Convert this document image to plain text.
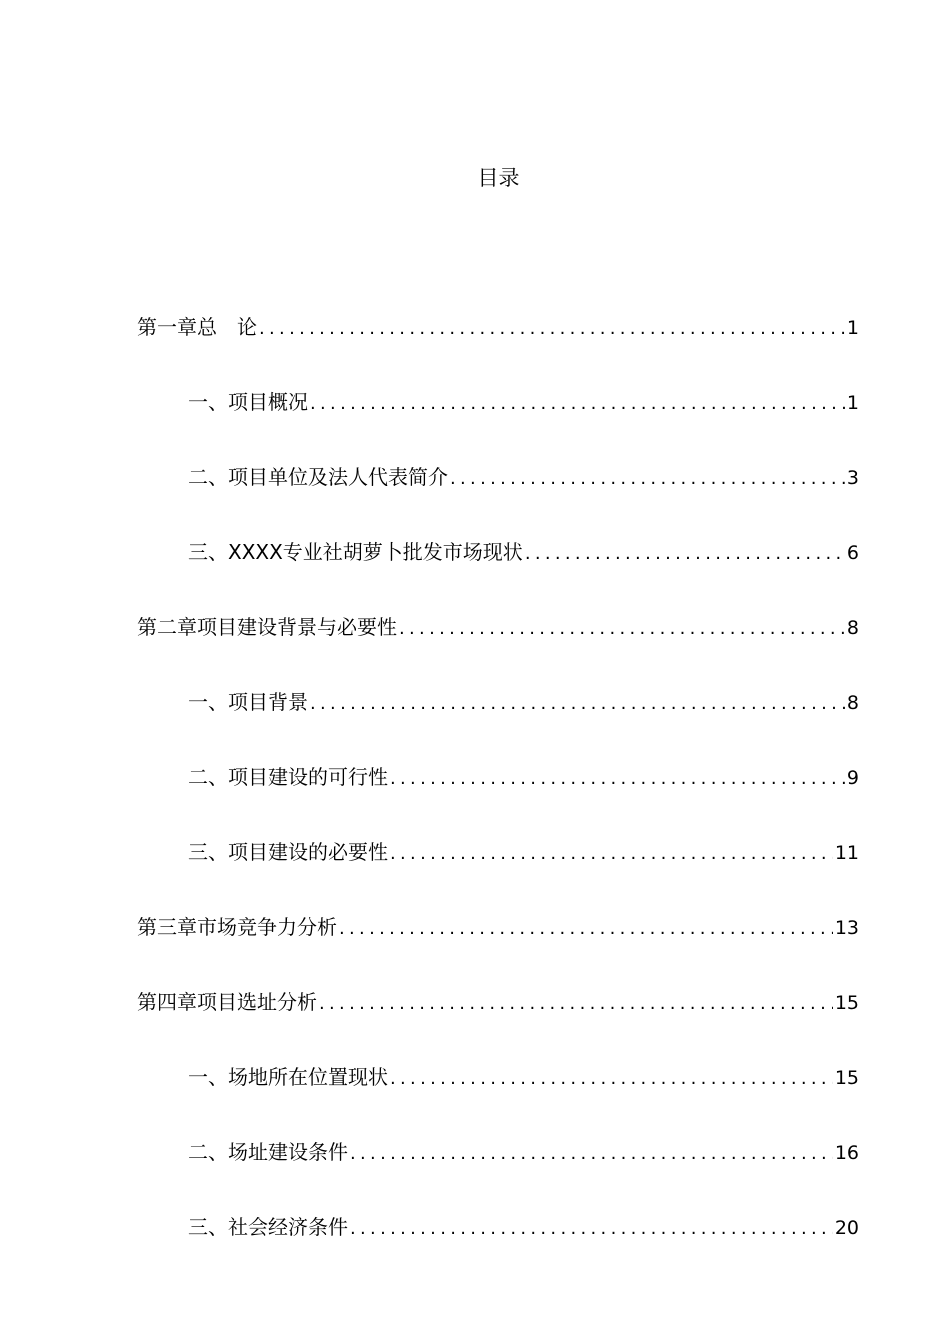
目录
第一章 总　论 .....	1
一、项目概况 .....	1
二、项目单位及法人代表简介 .....	3
三、XXXX专业社胡萝卜批发市场现状 .....	6
第二章 项目建设背景与必要性 .....	8
一、项目背景 .....	8
二、项目建设的可行性 .....	9
三、项目建设的必要性 .....	11
第三章 市场竞争力分析 .....	13
第四章 项目选址分析 .....	15
一、场地所在位置现状 .....	15
二、场址建设条件 .....	16
三、社会经济条件 .....	20
